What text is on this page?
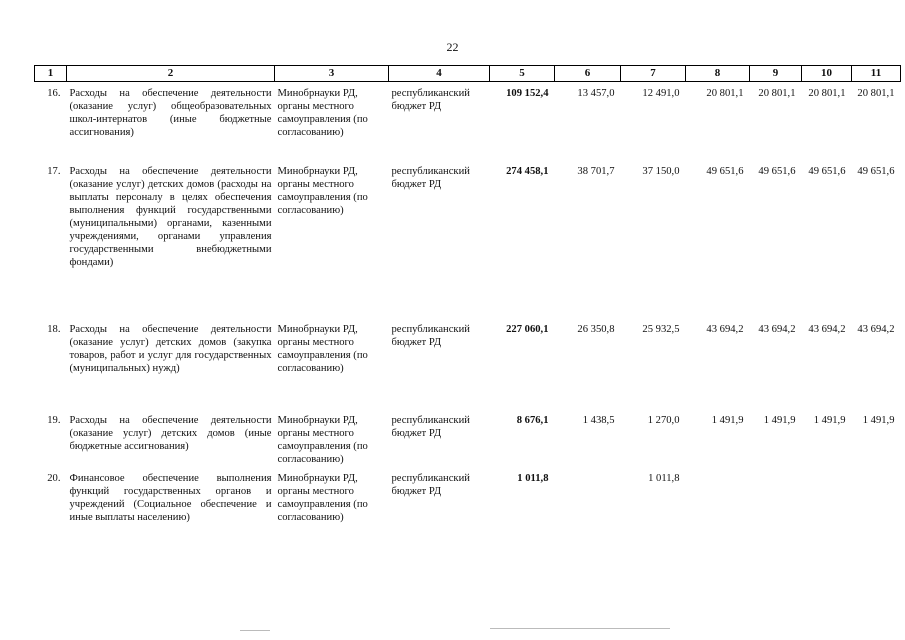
22
1	2	3	4	5	6	7	8	9	10	11
16.	Расходы на обеспечение деятельности (оказание услуг) общеобразовательных школ-интернатов (иные бюджетные ассигнования)	Минобрнауки РД, органы местного самоуправления (по согласованию)	республиканский бюджет РД	109 152,4	13 457,0	12 491,0	20 801,1	20 801,1	20 801,1	20 801,1
17.	Расходы на обеспечение деятельности (оказание услуг) детских домов (расходы на выплаты персоналу в целях обеспечения выполнения функций государственными (муниципальными) органами, казенными учреждениями, органами управления государственными внебюджетными фондами)	Минобрнауки РД, органы местного самоуправления (по согласованию)	республиканский бюджет РД	274 458,1	38 701,7	37 150,0	49 651,6	49 651,6	49 651,6	49 651,6
18.	Расходы на обеспечение деятельности (оказание услуг) детских домов (закупка товаров, работ и услуг для государственных (муниципальных) нужд)	Минобрнауки РД, органы местного самоуправления (по согласованию)	республиканский бюджет РД	227 060,1	26 350,8	25 932,5	43 694,2	43 694,2	43 694,2	43 694,2
19.	Расходы на обеспечение деятельности (оказание услуг) детских домов (иные бюджетные ассигнования)	Минобрнауки РД, органы местного самоуправления (по согласованию)	республиканский бюджет РД	8 676,1	1 438,5	1 270,0	1 491,9	1 491,9	1 491,9	1 491,9
20.	Финансовое обеспечение выполнения функций государственных органов и учреждений (Социальное обеспечение и иные выплаты населению)	Минобрнауки РД, органы местного самоуправления (по согласованию)	республиканский бюджет РД	1 011,8		1 011,8				
